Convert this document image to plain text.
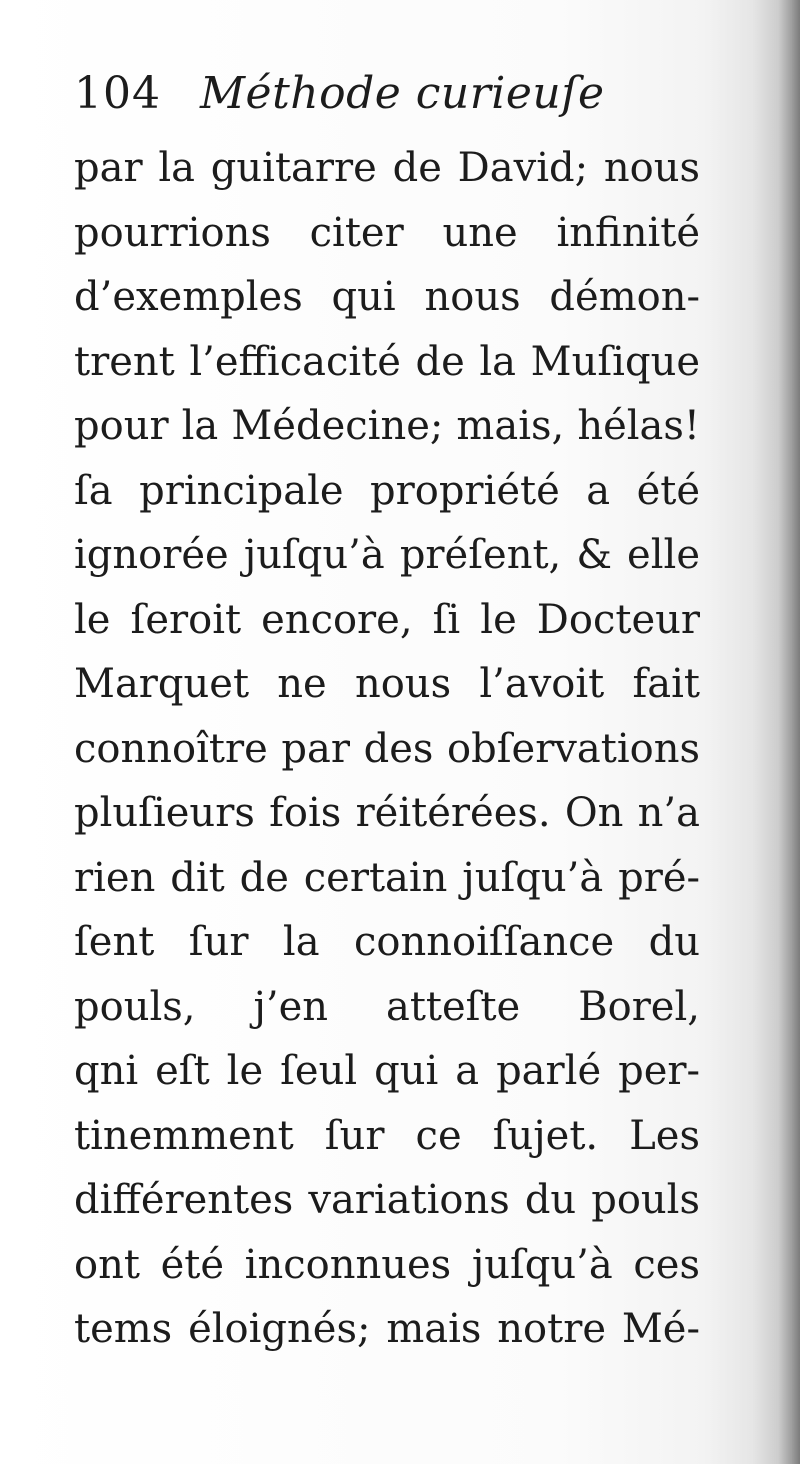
104 Méthode curieuſe
par la guitarre de David; nous
pourrions citer une infinité
d’exemples qui nous démon-
trent l’efficacité de la Muſique
pour la Médecine; mais, hélas!
ſa principale propriété a été
ignorée juſqu’à préſent, & elle
le ſeroit encore, ſi le Docteur
Marquet ne nous l’avoit fait
connoître par des obſervations
pluſieurs fois réitérées. On n’a
rien dit de certain juſqu’à pré-
ſent ſur la connoiſſance du
pouls, j’en atteſte Borel,
qni eſt le ſeul qui a parlé per-
tinemment ſur ce ſujet. Les
différentes variations du pouls
ont été inconnues juſqu’à ces
tems éloignés; mais notre Mé-
